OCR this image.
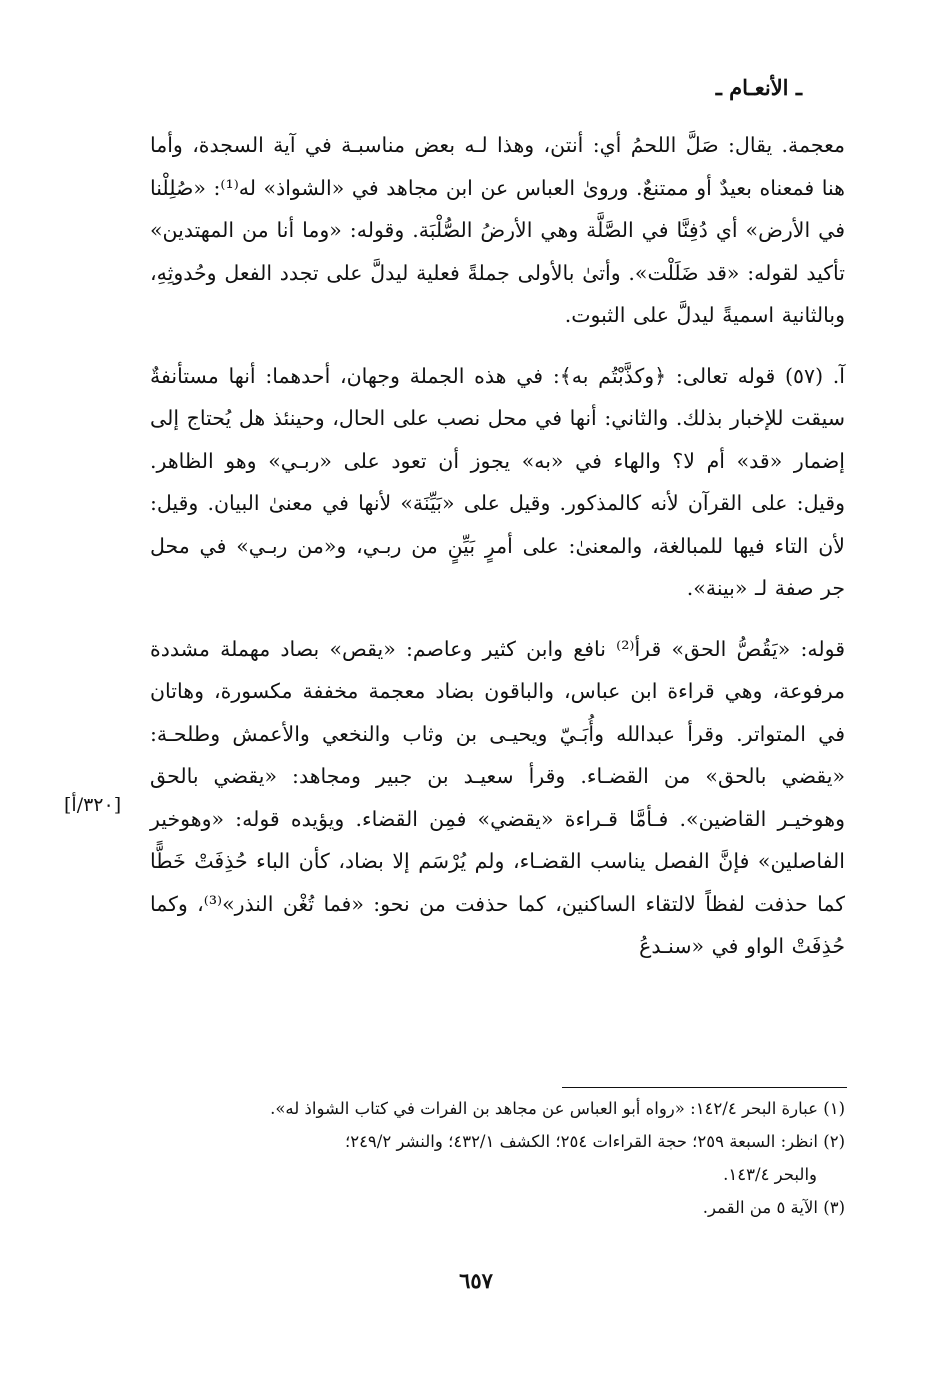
ـ الأنعـام ـ

معجمة. يقال: صَلَّ اللحمُ أي: أنتن، وهذا لـه بعض مناسبـة في آية السجدة، وأما هنا فمعناه بعيدٌ أو ممتنعٌ. وروىٰ العباس عن ابن مجاهد في «الشواذ» له⁽¹⁾: «صُلِلْنا في الأرض» أي دُفِنَّا في الصَّلَّة وهي الأرضُ الصُّلْبَة. وقوله: «وما أنا من المهتدين» تأكيد لقوله: «قد ضَلَلْت». وأتىٰ بالأولى جملةً فعلية ليدلَّ على تجدد الفعل وحُدوثِهِ، وبالثانية اسميةً ليدلَّ على الثبوت.

آ. (٥٧) قوله تعالى: ﴿وكذَّبْتُم به﴾: في هذه الجملة وجهان، أحدهما: أنها مستأنفةٌ سيقت للإخبار بذلك. والثاني: أنها في محل نصب على الحال، وحينئذ هل يُحتاج إلى إضمار «قد» أم لا؟ والهاء في «به» يجوز أن تعود على «ربـي» وهو الظاهر. وقيل: على القرآن لأنه كالمذكور. وقيل على «بَيِّنَة» لأنها في معنىٰ البيان. وقيل: لأن التاء فيها للمبالغة، والمعنىٰ: على أمرٍ بَيِّنٍ من ربـي، و«من ربـي» في محل جر صفة لـ «بينة».

قوله: «يَقُصُّ الحق» قرأ⁽²⁾ نافع وابن كثير وعاصم: «يقص» بصاد مهملة مشددة مرفوعة، وهي قراءة ابن عباس، والباقون بضاد معجمة مخففة مكسورة، وهاتان في المتواتر. وقرأ عبدالله وأُبَـيّ ويحيـى بن وثاب والنخعي والأعمش وطلحـة: «يقضي بالحق» من القضـاء. وقرأ سعيـد بن جبير ومجاهد: «يقضي بالحق وهوخيـر القاضين». فـأمَّا قـراءة «يقضي» فمِن القضاء. ويؤيده قوله: «وهوخير الفاصلين» فإنَّ الفصل يناسب القضـاء، ولم يُرْسَم إلا بضاد، كأن الباء حُذِفَتْ خَطًّا كما حذفت لفظاً لالتقاء الساكنين، كما حذفت من نحو: «فما تُغْن النذر»⁽³⁾، وكما حُذِفَتْ الواو في «سنـدعُ

[٣٢٠/أ]

(١) عبارة البحر ١٤٢/٤: «رواه أبو العباس عن مجاهد بن الفرات في كتاب الشواذ له».

(٢) انظر: السبعة ٢٥٩؛ حجة القراءات ٢٥٤؛ الكشف ٤٣٢/١؛ والنشر ٢٤٩/٢؛

والبحر ١٤٣/٤.

(٣) الآية ٥ من القمر.

٦٥٧
